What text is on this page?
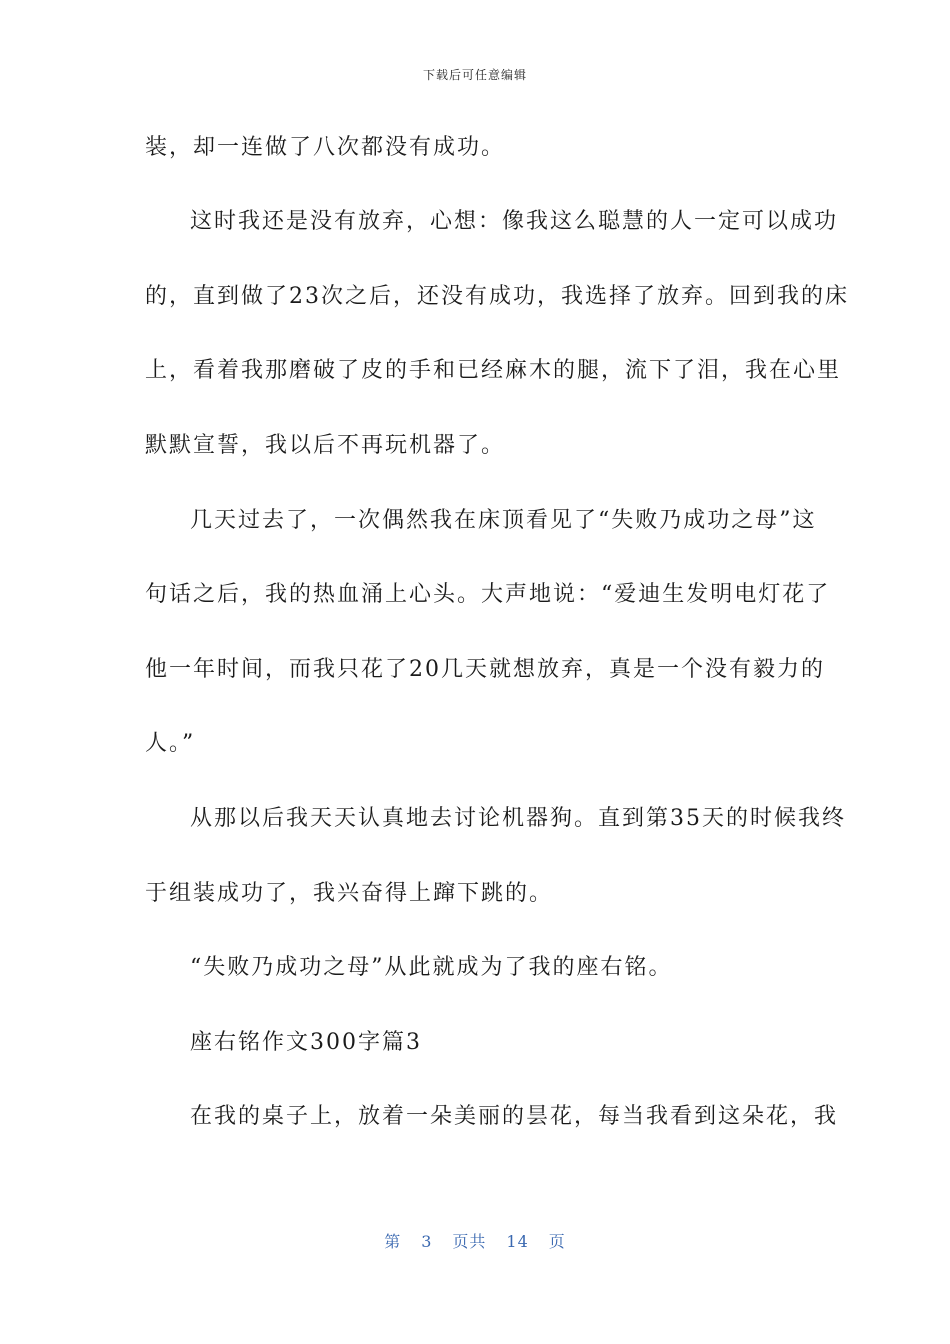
下载后可任意编辑
装，却一连做了八次都没有成功。
这时我还是没有放弃，心想：像我这么聪慧的人一定可以成功
的，直到做了23次之后，还没有成功，我选择了放弃。回到我的床
上，看着我那磨破了皮的手和已经麻木的腿，流下了泪，我在心里
默默宣誓，我以后不再玩机器了。
几天过去了，一次偶然我在床顶看见了“失败乃成功之母”这
句话之后，我的热血涌上心头。大声地说：“爱迪生发明电灯花了
他一年时间，而我只花了20几天就想放弃，真是一个没有毅力的
人。”
从那以后我天天认真地去讨论机器狗。直到第35天的时候我终
于组装成功了，我兴奋得上蹿下跳的。
“失败乃成功之母”从此就成为了我的座右铭。
座右铭作文300字篇3
在我的桌子上，放着一朵美丽的昙花，每当我看到这朵花，我
第 3 页共 14 页
